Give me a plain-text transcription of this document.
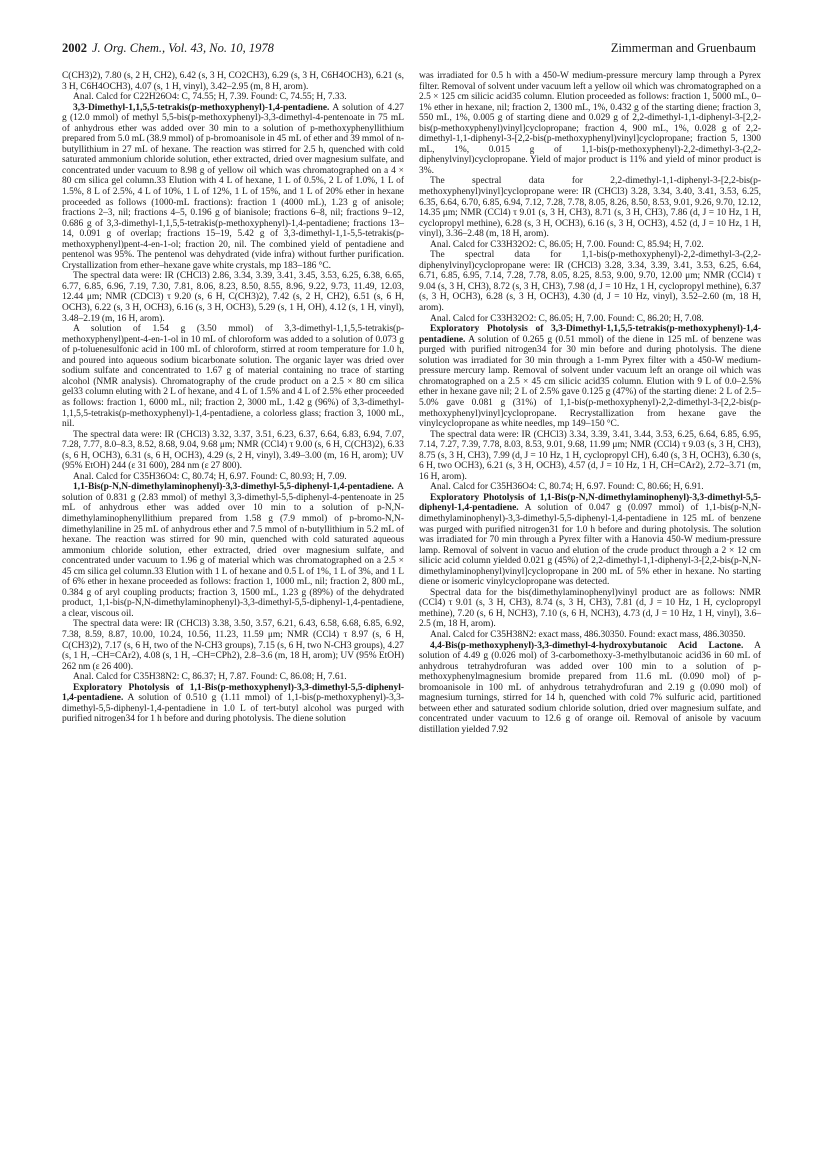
2002 J. Org. Chem., Vol. 43, No. 10, 1978	Zimmerman and Gruenbaum

C(CH3)2), 7.80 (s, 2 H, CH2), 6.42 (s, 3 H, CO2CH3), 6.29 (s, 3 H, C6H4OCH3), 6.21 (s, 3 H, C6H4OCH3), 4.07 (s, 1 H, vinyl), 3.42–2.95 (m, 8 H, arom).

Anal. Calcd for C22H26O4: C, 74.55; H, 7.39. Found: C, 74.55; H, 7.33.

3,3-Dimethyl-1,1,5,5-tetrakis(p-methoxyphenyl)-1,4-pentadiene. A solution of 4.27 g (12.0 mmol) of methyl 5,5-bis(p-methoxyphenyl)-3,3-dimethyl-4-pentenoate in 75 mL of anhydrous ether was added over 30 min to a solution of p-methoxyphenyllithium prepared from 5.0 mL (38.9 mmol) of p-bromoanisole in 45 mL of ether and 39 mmol of n-butyllithium in 27 mL of hexane. The reaction was stirred for 2.5 h, quenched with cold saturated ammonium chloride solution, ether extracted, dried over magnesium sulfate, and concentrated under vacuum to 8.98 g of yellow oil which was chromatographed on a 4 × 80 cm silica gel column.33 Elution with 4 L of hexane, 1 L of 0.5%, 2 L of 1.0%, 1 L of 1.5%, 8 L of 2.5%, 4 L of 10%, 1 L of 12%, 1 L of 15%, and 1 L of 20% ether in hexane proceeded as follows (1000-mL fractions): fraction 1 (4000 mL), 1.23 g of anisole; fractions 2–3, nil; fractions 4–5, 0.196 g of bianisole; fractions 6–8, nil; fractions 9–12, 0.686 g of 3,3-dimethyl-1,1,5,5-tetrakis(p-methoxyphenyl)-1,4-pentadiene; fractions 13–14, 0.091 g of overlap; fractions 15–19, 5.42 g of 3,3-dimethyl-1,1-5,5-tetrakis(p-methoxyphenyl)pent-4-en-1-ol; fraction 20, nil. The combined yield of pentadiene and pentenol was 95%. The pentenol was dehydrated (vide infra) without further purification. Crystallization from ether–hexane gave white crystals, mp 183–186 °C.

The spectral data were: IR (CHCl3) 2.86, 3.34, 3.39, 3.41, 3.45, 3.53, 6.25, 6.38, 6.65, 6.77, 6.85, 6.96, 7.19, 7.30, 7.81, 8.06, 8.23, 8.50, 8.55, 8.96, 9.22, 9.73, 11.49, 12.03, 12.44 μm; NMR (CDCl3) τ 9.20 (s, 6 H, C(CH3)2), 7.42 (s, 2 H, CH2), 6.51 (s, 6 H, OCH3), 6.22 (s, 3 H, OCH3), 6.16 (s, 3 H, OCH3), 5.29 (s, 1 H, OH), 4.12 (s, 1 H, vinyl), 3.48–2.19 (m, 16 H, arom).

A solution of 1.54 g (3.50 mmol) of 3,3-dimethyl-1,1,5,5-tetrakis(p-methoxyphenyl)pent-4-en-1-ol in 10 mL of chloroform was added to a solution of 0.073 g of p-toluenesulfonic acid in 100 mL of chloroform, stirred at room temperature for 1.0 h, and poured into aqueous sodium bicarbonate solution. The organic layer was dried over sodium sulfate and concentrated to 1.67 g of material containing no trace of starting alcohol (NMR analysis). Chromatography of the crude product on a 2.5 × 80 cm silica gel33 column eluting with 2 L of hexane, and 4 L of 1.5% and 4 L of 2.5% ether proceeded as follows: fraction 1, 6000 mL, nil; fraction 2, 3000 mL, 1.42 g (96%) of 3,3-dimethyl-1,1,5,5-tetrakis(p-methoxyphenyl)-1,4-pentadiene, a colorless glass; fraction 3, 1000 mL, nil.

The spectral data were: IR (CHCl3) 3.32, 3.37, 3.51, 6.23, 6.37, 6.64, 6.83, 6.94, 7.07, 7.28, 7.77, 8.0–8.3, 8.52, 8.68, 9.04, 9.68 μm; NMR (CCl4) τ 9.00 (s, 6 H, C(CH3)2), 6.33 (s, 6 H, OCH3), 6.31 (s, 6 H, OCH3), 4.29 (s, 2 H, vinyl), 3.49–3.00 (m, 16 H, arom); UV (95% EtOH) 244 (ε 31 600), 284 nm (ε 27 800).

Anal. Calcd for C35H36O4: C, 80.74; H, 6.97. Found: C, 80.93; H, 7.09.

1,1-Bis(p-N,N-dimethylaminophenyl)-3,3-dimethyl-5,5-diphenyl-1,4-pentadiene. A solution of 0.831 g (2.83 mmol) of methyl 3,3-dimethyl-5,5-diphenyl-4-pentenoate in 25 mL of anhydrous ether was added over 10 min to a solution of p-N,N-dimethylaminophenyllithium prepared from 1.58 g (7.9 mmol) of p-bromo-N,N-dimethylaniline in 25 mL of anhydrous ether and 7.5 mmol of n-butyllithium in 5.2 mL of hexane. The reaction was stirred for 90 min, quenched with cold saturated aqueous ammonium chloride solution, ether extracted, dried over magnesium sulfate, and concentrated under vacuum to 1.96 g of material which was chromatographed on a 2.5 × 45 cm silica gel column.33 Elution with 1 L of hexane and 0.5 L of 1%, 1 L of 3%, and 1 L of 6% ether in hexane proceeded as follows: fraction 1, 1000 mL, nil; fraction 2, 800 mL, 0.384 g of aryl coupling products; fraction 3, 1500 mL, 1.23 g (89%) of the dehydrated product, 1,1-bis(p-N,N-dimethylaminophenyl)-3,3-dimethyl-5,5-diphenyl-1,4-pentadiene, a clear, viscous oil.

The spectral data were: IR (CHCl3) 3.38, 3.50, 3.57, 6.21, 6.43, 6.58, 6.68, 6.85, 6.92, 7.38, 8.59, 8.87, 10.00, 10.24, 10.56, 11.23, 11.59 μm; NMR (CCl4) τ 8.97 (s, 6 H, C(CH3)2), 7.17 (s, 6 H, two of the N-CH3 groups), 7.15 (s, 6 H, two N-CH3 groups), 4.27 (s, 1 H, –CH=CAr2), 4.08 (s, 1 H, –CH=CPh2), 2.8–3.6 (m, 18 H, arom); UV (95% EtOH) 262 nm (ε 26 400).

Anal. Calcd for C35H38N2: C, 86.37; H, 7.87. Found: C, 86.08; H, 7.61.

Exploratory Photolysis of 1,1-Bis(p-methoxyphenyl)-3,3-dimethyl-5,5-diphenyl-1,4-pentadiene. A solution of 0.510 g (1.11 mmol) of 1,1-bis(p-methoxyphenyl)-3,3-dimethyl-5,5-diphenyl-1,4-pentadiene in 1.0 L of tert-butyl alcohol was purged with purified nitrogen34 for 1 h before and during photolysis. The diene solution

was irradiated for 0.5 h with a 450-W medium-pressure mercury lamp through a Pyrex filter. Removal of solvent under vacuum left a yellow oil which was chromatographed on a 2.5 × 125 cm silicic acid35 column. Elution proceeded as follows: fraction 1, 5000 mL, 0–1% ether in hexane, nil; fraction 2, 1300 mL, 1%, 0.432 g of the starting diene; fraction 3, 550 mL, 1%, 0.005 g of starting diene and 0.029 g of 2,2-dimethyl-1,1-diphenyl-3-[2,2-bis(p-methoxyphenyl)vinyl]cyclopropane; fraction 4, 900 mL, 1%, 0.028 g of 2,2-dimethyl-1,1-diphenyl-3-[2,2-bis(p-methoxyphenyl)vinyl]cyclopropane; fraction 5, 1300 mL, 1%, 0.015 g of 1,1-bis(p-methoxyphenyl)-2,2-dimethyl-3-(2,2-diphenylvinyl)cyclopropane. Yield of major product is 11% and yield of minor product is 3%.

The spectral data for 2,2-dimethyl-1,1-diphenyl-3-[2,2-bis(p-methoxyphenyl)vinyl]cyclopropane were: IR (CHCl3) 3.28, 3.34, 3.40, 3.41, 3.53, 6.25, 6.35, 6.64, 6.70, 6.85, 6.94, 7.12, 7.28, 7.78, 8.05, 8.26, 8.50, 8.53, 9.01, 9.26, 9.70, 12.12, 14.35 μm; NMR (CCl4) τ 9.01 (s, 3 H, CH3), 8.71 (s, 3 H, CH3), 7.86 (d, J = 10 Hz, 1 H, cyclopropyl methine), 6.28 (s, 3 H, OCH3), 6.16 (s, 3 H, OCH3), 4.52 (d, J = 10 Hz, 1 H, vinyl), 3.36–2.48 (m, 18 H, arom).

Anal. Calcd for C33H32O2: C, 86.05; H, 7.00. Found: C, 85.94; H, 7.02.

The spectral data for 1,1-bis(p-methoxyphenyl)-2,2-dimethyl-3-(2,2-diphenylvinyl)cyclopropane were: IR (CHCl3) 3.28, 3.34, 3.39, 3.41, 3.53, 6.25, 6.64, 6.71, 6.85, 6.95, 7.14, 7.28, 7.78, 8.05, 8.25, 8.53, 9.00, 9.70, 12.00 μm; NMR (CCl4) τ 9.04 (s, 3 H, CH3), 8.72 (s, 3 H, CH3), 7.98 (d, J = 10 Hz, 1 H, cyclopropyl methine), 6.37 (s, 3 H, OCH3), 6.28 (s, 3 H, OCH3), 4.30 (d, J = 10 Hz, vinyl), 3.52–2.60 (m, 18 H, arom).

Anal. Calcd for C33H32O2: C, 86.05; H, 7.00. Found: C, 86.20; H, 7.08.

Exploratory Photolysis of 3,3-Dimethyl-1,1,5,5-tetrakis(p-methoxyphenyl)-1,4-pentadiene. A solution of 0.265 g (0.51 mmol) of the diene in 125 mL of benzene was purged with purified nitrogen34 for 30 min before and during photolysis. The diene solution was irradiated for 30 min through a 1-mm Pyrex filter with a 450-W medium-pressure mercury lamp. Removal of solvent under vacuum left an orange oil which was chromatographed on a 2.5 × 45 cm silicic acid35 column. Elution with 9 L of 0.0–2.5% ether in hexane gave nil; 2 L of 2.5% gave 0.125 g (47%) of the starting diene: 2 L of 2.5–5.0% gave 0.081 g (31%) of 1,1-bis(p-methoxyphenyl)-2,2-dimethyl-3-[2,2-bis(p-methoxyphenyl)vinyl]cyclopropane. Recrystallization from hexane gave the vinylcyclopropane as white needles, mp 149–150 °C.

The spectral data were: IR (CHCl3) 3.34, 3.39, 3.41, 3.44, 3.53, 6.25, 6.64, 6.85, 6.95, 7.14, 7.27, 7.39, 7.78, 8.03, 8.53, 9.01, 9.68, 11.99 μm; NMR (CCl4) τ 9.03 (s, 3 H, CH3), 8.75 (s, 3 H, CH3), 7.99 (d, J = 10 Hz, 1 H, cyclopropyl CH), 6.40 (s, 3 H, OCH3), 6.30 (s, 6 H, two OCH3), 6.21 (s, 3 H, OCH3), 4.57 (d, J = 10 Hz, 1 H, CH=CAr2), 2.72–3.71 (m, 16 H, arom).

Anal. Calcd for C35H36O4: C, 80.74; H, 6.97. Found: C, 80.66; H, 6.91.

Exploratory Photolysis of 1,1-Bis(p-N,N-dimethylaminophenyl)-3,3-dimethyl-5,5-diphenyl-1,4-pentadiene. A solution of 0.047 g (0.097 mmol) of 1,1-bis(p-N,N-dimethylaminophenyl)-3,3-dimethyl-5,5-diphenyl-1,4-pentadiene in 125 mL of benzene was purged with purified nitrogen31 for 1.0 h before and during photolysis. The solution was irradiated for 70 min through a Pyrex filter with a Hanovia 450-W medium-pressure lamp. Removal of solvent in vacuo and elution of the crude product through a 2 × 12 cm silicic acid column yielded 0.021 g (45%) of 2,2-dimethyl-1,1-diphenyl-3-[2,2-bis(p-N,N-dimethylaminophenyl)vinyl]cyclopropane in 200 mL of 5% ether in hexane. No starting diene or isomeric vinylcyclopropane was detected.

Spectral data for the bis(dimethylaminophenyl)vinyl product are as follows: NMR (CCl4) τ 9.01 (s, 3 H, CH3), 8.74 (s, 3 H, CH3), 7.81 (d, J = 10 Hz, 1 H, cyclopropyl methine), 7.20 (s, 6 H, NCH3), 7.10 (s, 6 H, NCH3), 4.73 (d, J = 10 Hz, 1 H, vinyl), 3.6–2.5 (m, 18 H, arom).

Anal. Calcd for C35H38N2: exact mass, 486.30350. Found: exact mass, 486.30350.

4,4-Bis(p-methoxyphenyl)-3,3-dimethyl-4-hydroxybutanoic Acid Lactone. A solution of 4.49 g (0.026 mol) of 3-carbomethoxy-3-methylbutanoic acid36 in 60 mL of anhydrous tetrahydrofuran was added over 100 min to a solution of p-methoxyphenylmagnesium bromide prepared from 11.6 mL (0.090 mol) of p-bromoanisole in 100 mL of anhydrous tetrahydrofuran and 2.19 g (0.090 mol) of magnesium turnings, stirred for 14 h, quenched with cold 7% sulfuric acid, partitioned between ether and saturated sodium chloride solution, dried over magnesium sulfate, and concentrated under vacuum to 12.6 g of orange oil. Removal of anisole by vacuum distillation yielded 7.92
